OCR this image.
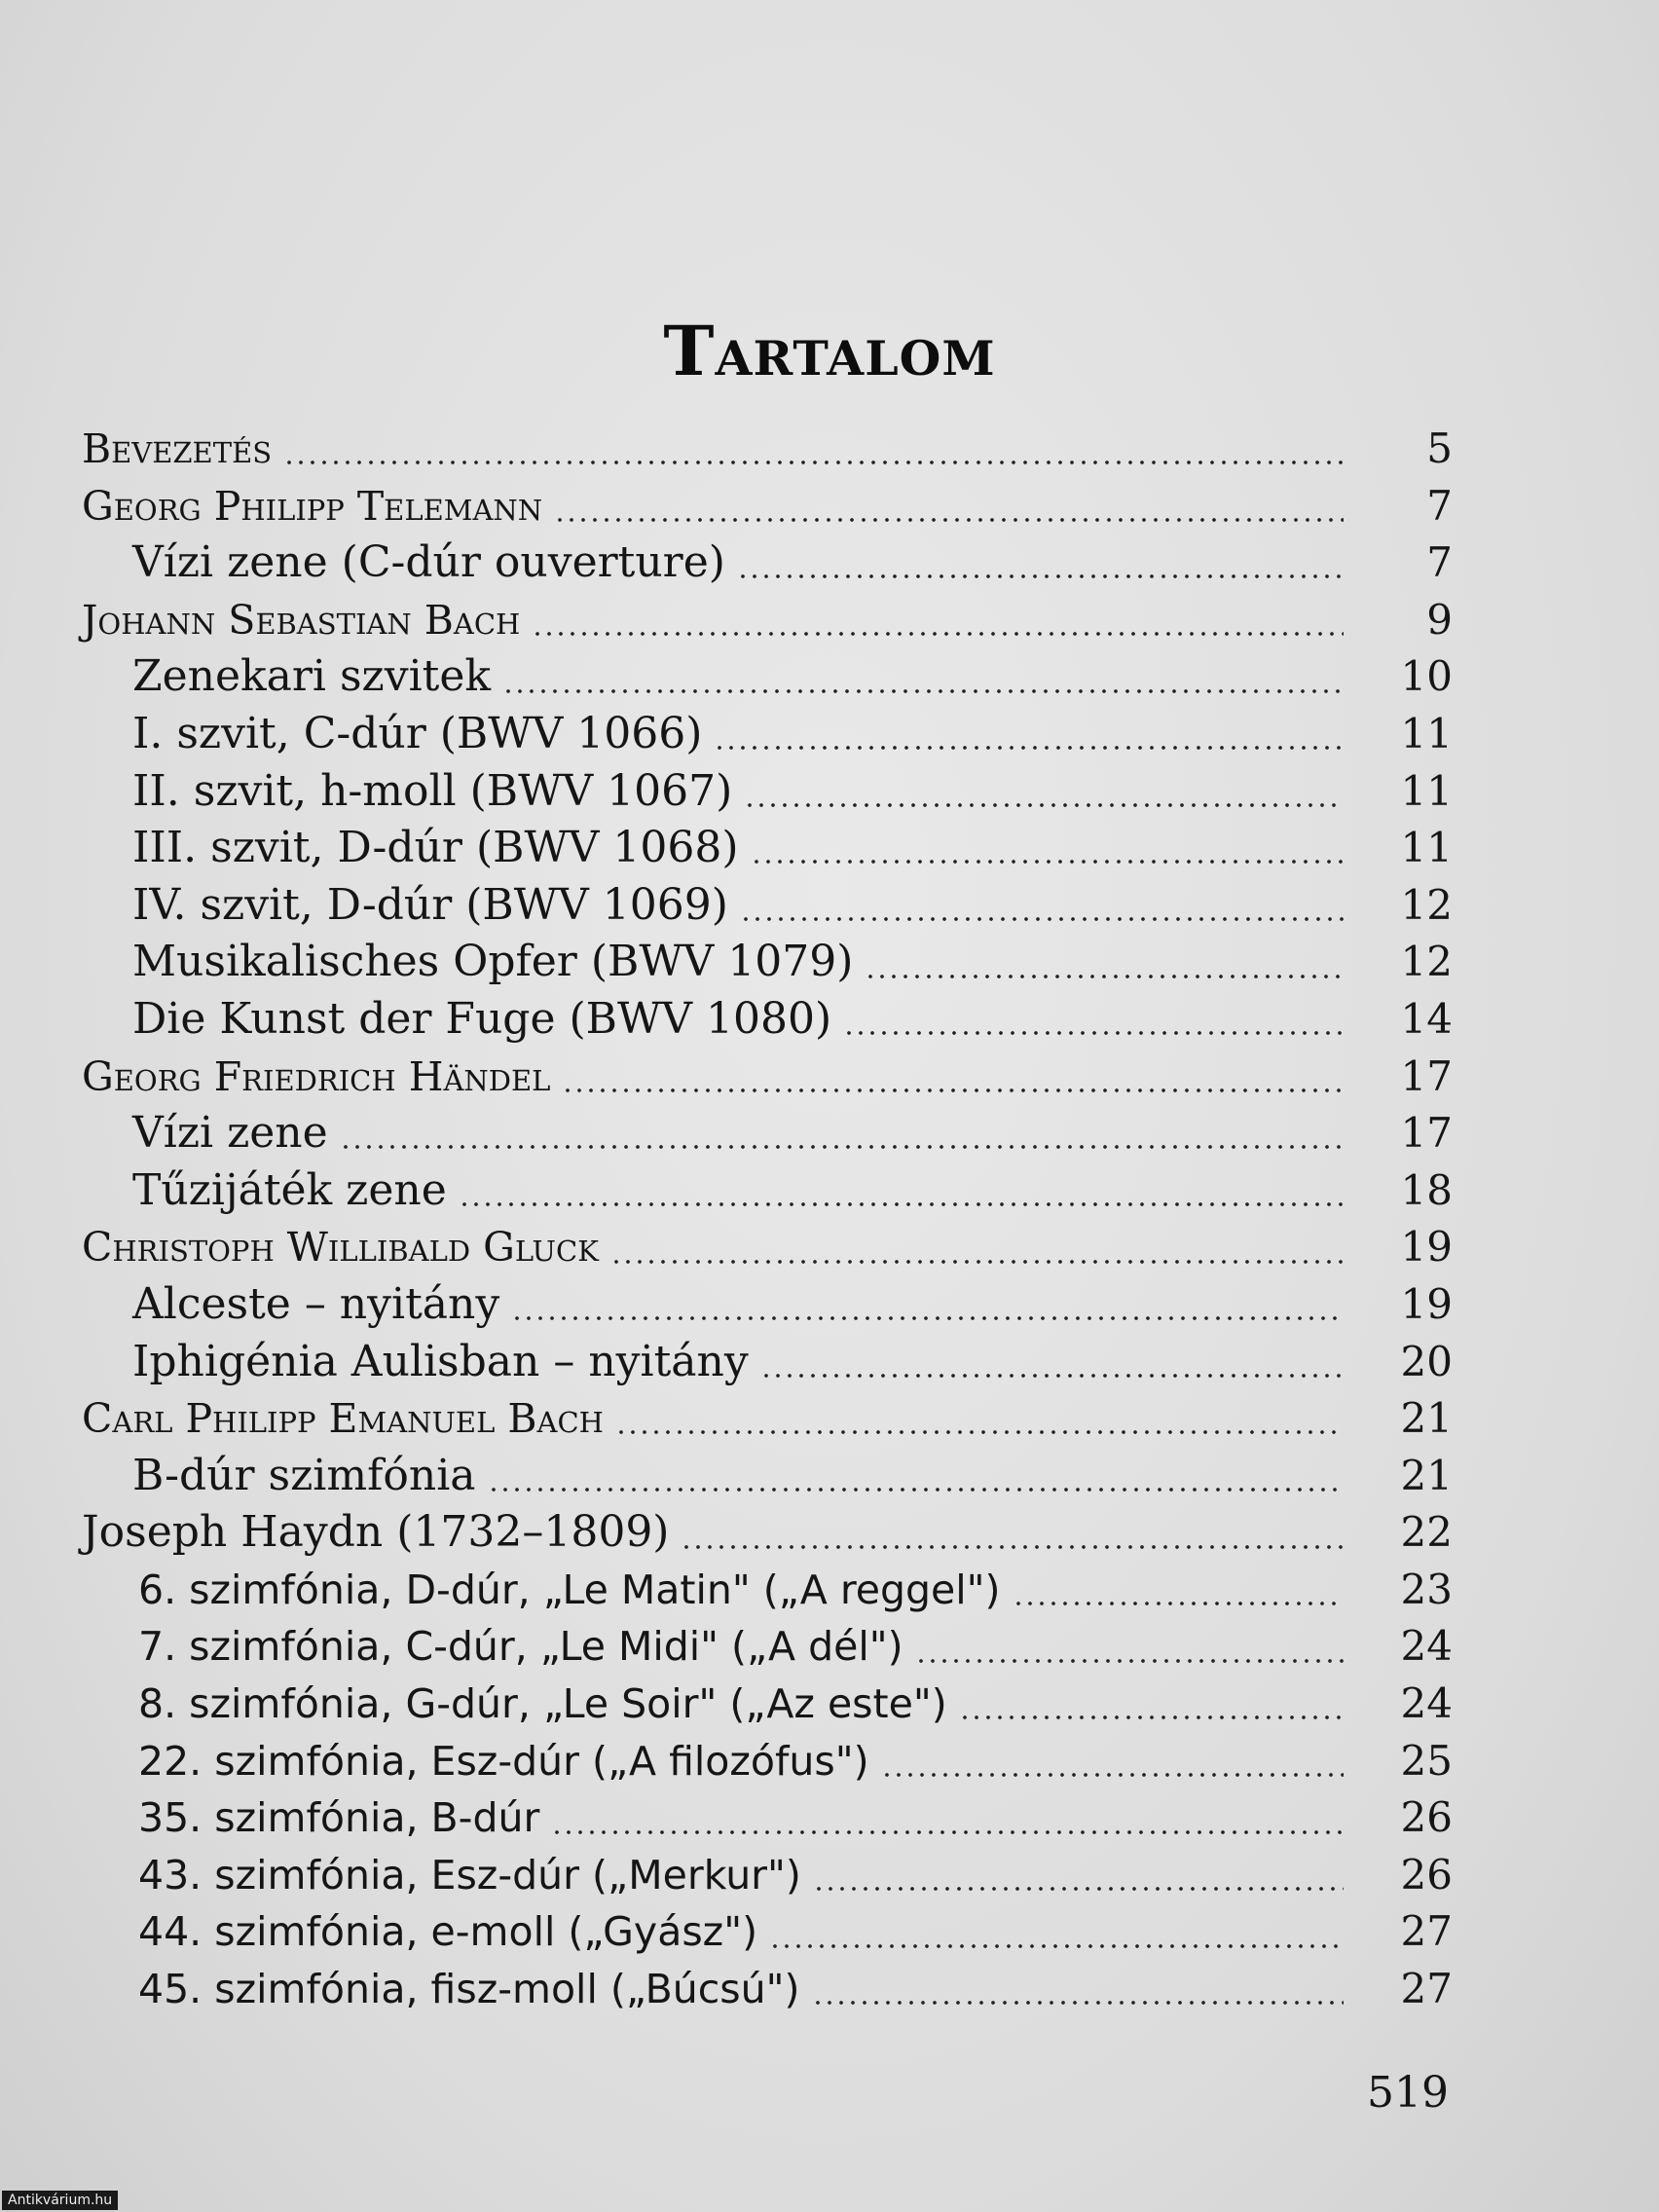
Tartalom
Bevezetés	5
Georg Philipp Telemann	7
Vízi zene (C-dúr ouverture)	7
Johann Sebastian Bach	9
Zenekari szvitek	10
I. szvit, C-dúr (BWV 1066)	11
II. szvit, h-moll (BWV 1067)	11
III. szvit, D-dúr (BWV 1068)	11
IV. szvit, D-dúr (BWV 1069)	12
Musikalisches Opfer (BWV 1079)	12
Die Kunst der Fuge (BWV 1080)	14
Georg Friedrich Händel	17
Vízi zene	17
Tűzijáték zene	18
Christoph Willibald Gluck	19
Alceste – nyitány	19
Iphigénia Aulisban – nyitány	20
Carl Philipp Emanuel Bach	21
B-dúr szimfónia	21
Joseph Haydn (1732–1809)	22
6. szimfónia, D-dúr, „Le Matin" („A reggel")	23
7. szimfónia, C-dúr, „Le Midi" („A dél")	24
8. szimfónia, G-dúr, „Le Soir" („Az este")	24
22. szimfónia, Esz-dúr („A filozófus")	25
35. szimfónia, B-dúr	26
43. szimfónia, Esz-dúr („Merkur")	26
44. szimfónia, e-moll („Gyász")	27
45. szimfónia, fisz-moll („Búcsú")	27
519
Antikvárium.hu
